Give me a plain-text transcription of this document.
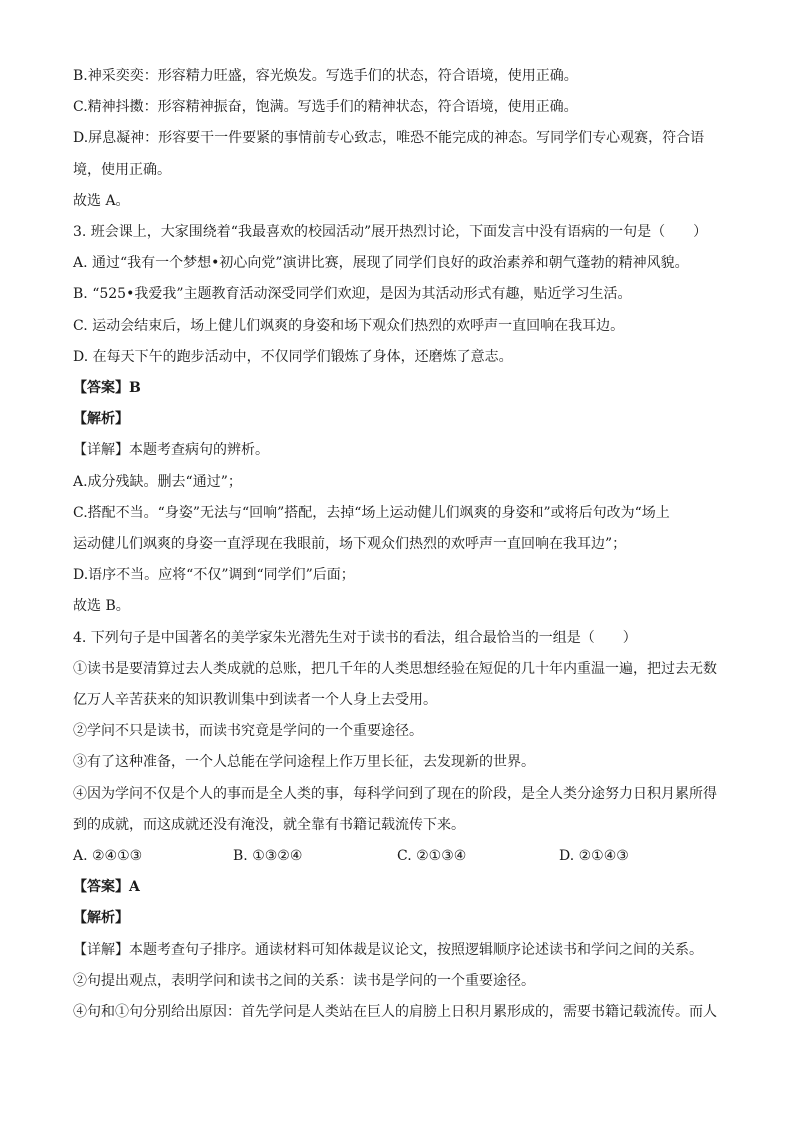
B.神采奕奕：形容精力旺盛，容光焕发。写选手们的状态，符合语境，使用正确。
C.精神抖擞：形容精神振奋，饱满。写选手们的精神状态，符合语境，使用正确。
D.屏息凝神：形容要干一件要紧的事情前专心致志，唯恐不能完成的神态。写同学们专心观赛，符合语
境，使用正确。
故选 A。
3. 班会课上，大家围绕着“我最喜欢的校园活动”展开热烈讨论，下面发言中没有语病的一句是（　　）
A. 通过“我有一个梦想•初心向党”演讲比赛，展现了同学们良好的政治素养和朝气蓬勃的精神风貌。
B. “525•我爱我”主题教育活动深受同学们欢迎，是因为其活动形式有趣，贴近学习生活。
C. 运动会结束后，场上健儿们飒爽的身姿和场下观众们热烈的欢呼声一直回响在我耳边。
D. 在每天下午的跑步活动中，不仅同学们锻炼了身体，还磨炼了意志。
【答案】B
【解析】
【详解】本题考查病句的辨析。
A.成分残缺。删去“通过”；
C.搭配不当。“身姿”无法与“回响”搭配，去掉“场上运动健儿们飒爽的身姿和”或将后句改为“场上
运动健儿们飒爽的身姿一直浮现在我眼前，场下观众们热烈的欢呼声一直回响在我耳边”；
D.语序不当。应将“不仅”调到“同学们”后面；
故选 B。
4. 下列句子是中国著名的美学家朱光潜先生对于读书的看法，组合最恰当的一组是（　　）
①读书是要清算过去人类成就的总账，把几千年的人类思想经验在短促的几十年内重温一遍，把过去无数
亿万人辛苦获来的知识教训集中到读者一个人身上去受用。
②学问不只是读书，而读书究竟是学问的一个重要途径。
③有了这种准备，一个人总能在学问途程上作万里长征，去发现新的世界。
④因为学问不仅是个人的事而是全人类的事，每科学问到了现在的阶段，是全人类分途努力日积月累所得
到的成就，而这成就还没有淹没，就全靠有书籍记载流传下来。
A. ②④①③	B. ①③②④	C. ②①③④	D. ②①④③
【答案】A
【解析】
【详解】本题考查句子排序。通读材料可知体裁是议论文，按照逻辑顺序论述读书和学问之间的关系。
②句提出观点，表明学问和读书之间的关系：读书是学问的一个重要途径。
④句和①句分别给出原因：首先学问是人类站在巨人的肩膀上日积月累形成的，需要书籍记载流传。而人
